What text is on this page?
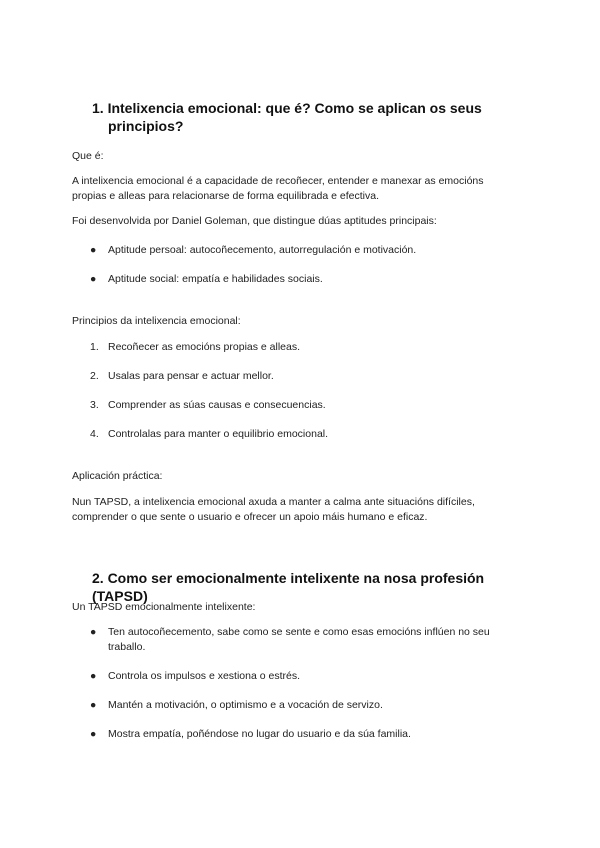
1. Intelixencia emocional: que é? Como se aplican os seus
principios?
Que é:
A intelixencia emocional é a capacidade de recoñecer, entender e manexar as emocións
propias e alleas para relacionarse de forma equilibrada e efectiva.
Foi desenvolvida por Daniel Goleman, que distingue dúas aptitudes principais:
●	Aptitude persoal: autocoñecemento, autorregulación e motivación.
●	Aptitude social: empatía e habilidades sociais.
Principios da intelixencia emocional:
1. Recoñecer as emocións propias e alleas.
2. Usalas para pensar e actuar mellor.
3. Comprender as súas causas e consecuencias.
4. Controlalas para manter o equilibrio emocional.
Aplicación práctica:
Nun TAPSD, a intelixencia emocional axuda a manter a calma ante situacións difíciles,
comprender o que sente o usuario e ofrecer un apoio máis humano e eficaz.
2. Como ser emocionalmente intelixente na nosa profesión (TAPSD)
Un TAPSD emocionalmente intelixente:
●	Ten autocoñecemento, sabe como se sente e como esas emocións inflúen no seu
traballo.
●	Controla os impulsos e xestiona o estrés.
●	Mantén a motivación, o optimismo e a vocación de servizo.
●	Mostra empatía, poñéndose no lugar do usuario e da súa familia.
